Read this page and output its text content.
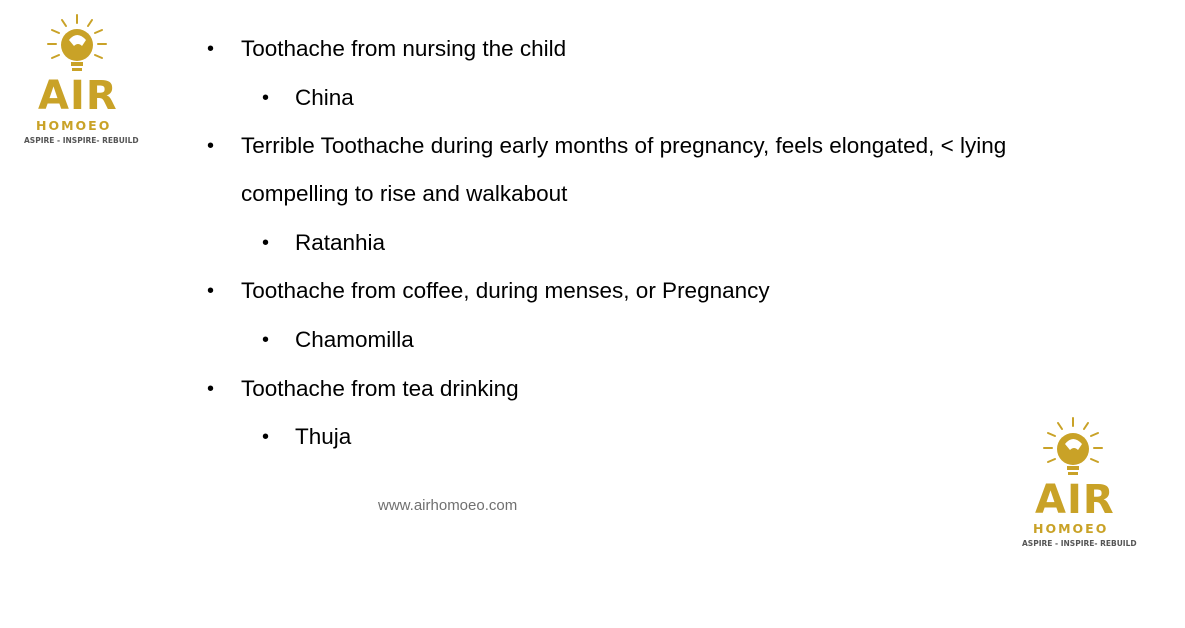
AIR
HOMOEO
ASPIRE - INSPIRE- REBUILD
• Toothache from nursing the child
• China
• Terrible Toothache during early months of pregnancy, feels elongated, < lying
compelling to rise and walkabout
• Ratanhia
• Toothache from coffee, during menses, or Pregnancy
• Chamomilla
• Toothache from tea drinking
• Thuja
www.airhomoeo.com	AIR
HOMOEO
ASPIRE - INSPIRE- REBUILD
